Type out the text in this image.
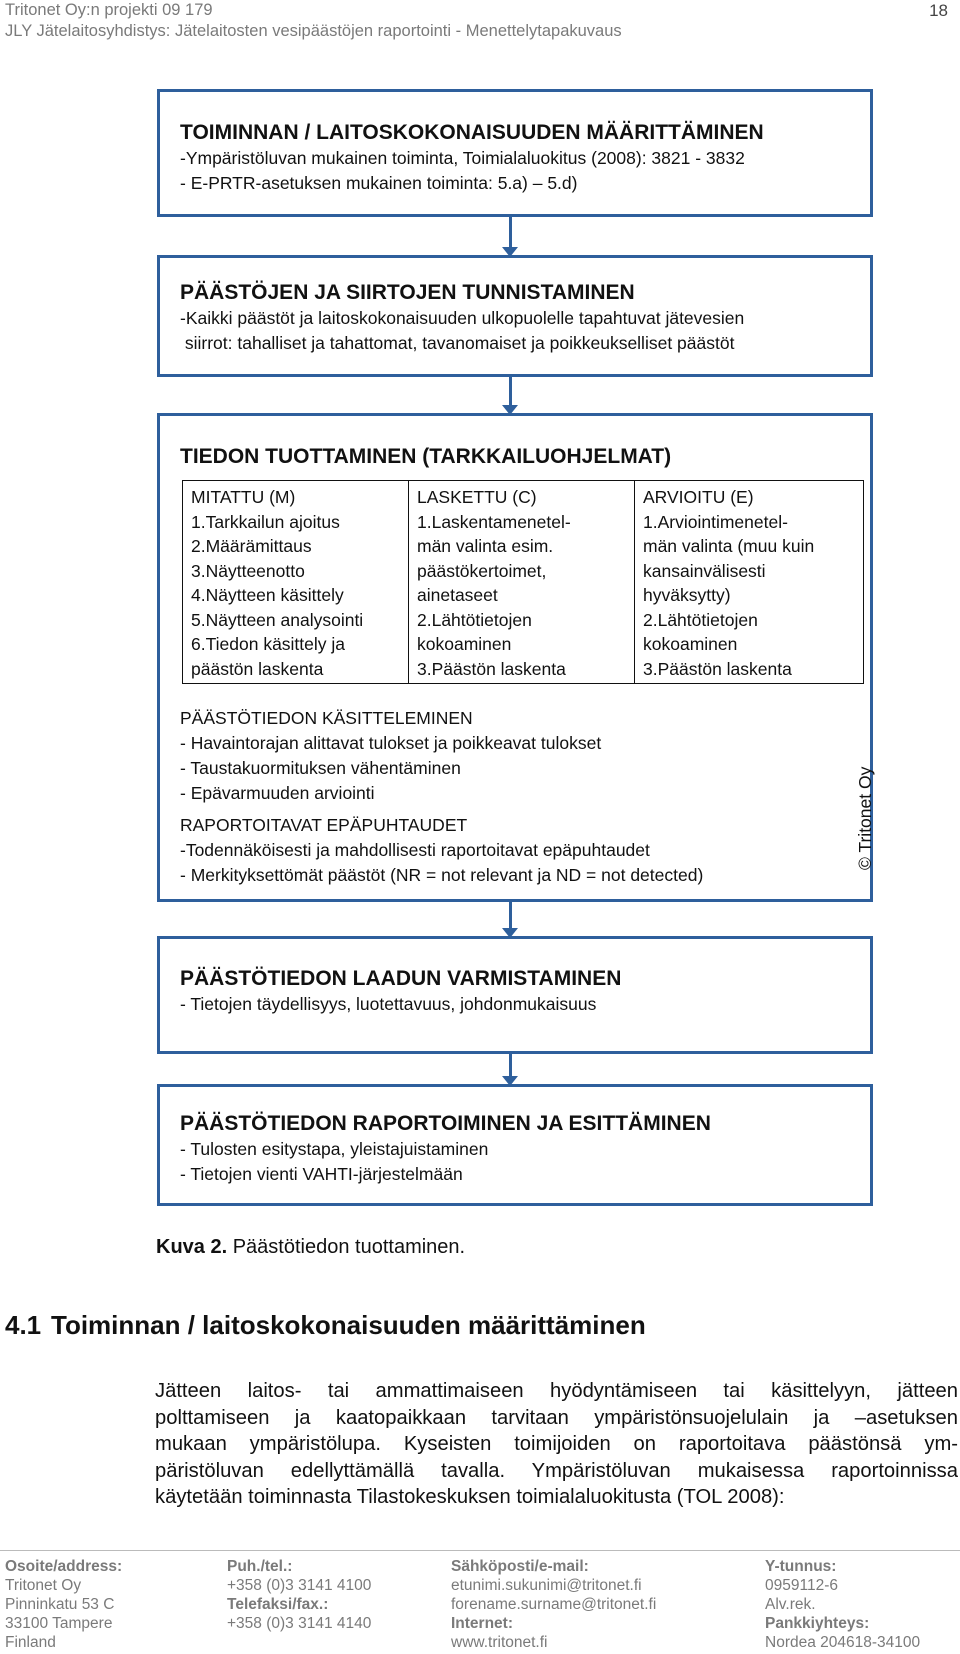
Tritonet Oy:n projekti 09 179
JLY Jätelaitosyhdistys: Jätelaitosten vesipäästöjen raportointi - Menettelytapakuvaus
18
TOIMINNAN / LAITOSKOKONAISUUDEN MÄÄRITTÄMINEN
-Ympäristöluvan mukainen toiminta, Toimialaluokitus (2008): 3821 - 3832
- E-PRTR-asetuksen mukainen toiminta: 5.a) – 5.d)
PÄÄSTÖJEN JA SIIRTOJEN TUNNISTAMINEN
-Kaikki päästöt ja laitoskokonaisuuden ulkopuolelle tapahtuvat jätevesien
siirrot: tahalliset ja tahattomat, tavanomaiset ja poikkeukselliset päästöt
TIEDON TUOTTAMINEN (TARKKAILUOHJELMAT)
MITATTU (M)
1.Tarkkailun ajoitus
2.Määrämittaus
3.Näytteenotto
4.Näytteen käsittely
5.Näytteen analysointi
6.Tiedon käsittely ja
päästön laskenta

LASKETTU (C)
1.Laskentamenetel-
män valinta esim.
päästökertoimet,
ainetaseet
2.Lähtötietojen
kokoaminen
3.Päästön laskenta

ARVIOITU (E)
1.Arviointimenetel-
män valinta (muu kuin
kansainvälisesti
hyväksytty)
2.Lähtötietojen
kokoaminen
3.Päästön laskenta
PÄÄSTÖTIEDON KÄSITTELEMINEN
- Havaintorajan alittavat tulokset ja poikkeavat tulokset
- Taustakuormituksen vähentäminen
- Epävarmuuden arviointi
RAPORTOITAVAT EPÄPUHTAUDET
-Todennäköisesti ja mahdollisesti raportoitavat epäpuhtaudet
- Merkityksettömät päästöt (NR = not relevant ja ND = not detected)
© Tritonet Oy
PÄÄSTÖTIEDON LAADUN VARMISTAMINEN
- Tietojen täydellisyys, luotettavuus, johdonmukaisuus
PÄÄSTÖTIEDON RAPORTOIMINEN JA ESITTÄMINEN
- Tulosten esitystapa, yleistajuistaminen
- Tietojen vienti VAHTI-järjestelmään
Kuva 2. Päästötiedon tuottaminen.
4.1 Toiminnan / laitoskokonaisuuden määrittäminen
Jätteen laitos- tai ammattimaiseen hyödyntämiseen tai käsittelyyn, jätteen
polttamiseen ja kaatopaikkaan tarvitaan ympäristönsuojelulain ja –asetuksen
mukaan ympäristölupa. Kyseisten toimijoiden on raportoitava päästönsä ym-
päristöluvan edellyttämällä tavalla. Ympäristöluvan mukaisessa raportoinnissa
käytetään toiminnasta Tilastokeskuksen toimialaluokitusta (TOL 2008):
Osoite/address:
Tritonet Oy
Pinninkatu 53 C
33100 Tampere
Finland
Puh./tel.:
+358 (0)3 3141 4100
Telefaksi/fax.:
+358 (0)3 3141 4140
Sähköposti/e-mail:
etunimi.sukunimi@tritonet.fi
forename.surname@tritonet.fi
Internet:
www.tritonet.fi
Y-tunnus:
0959112-6
Alv.rek.
Pankkiyhteys:
Nordea 204618-34100
